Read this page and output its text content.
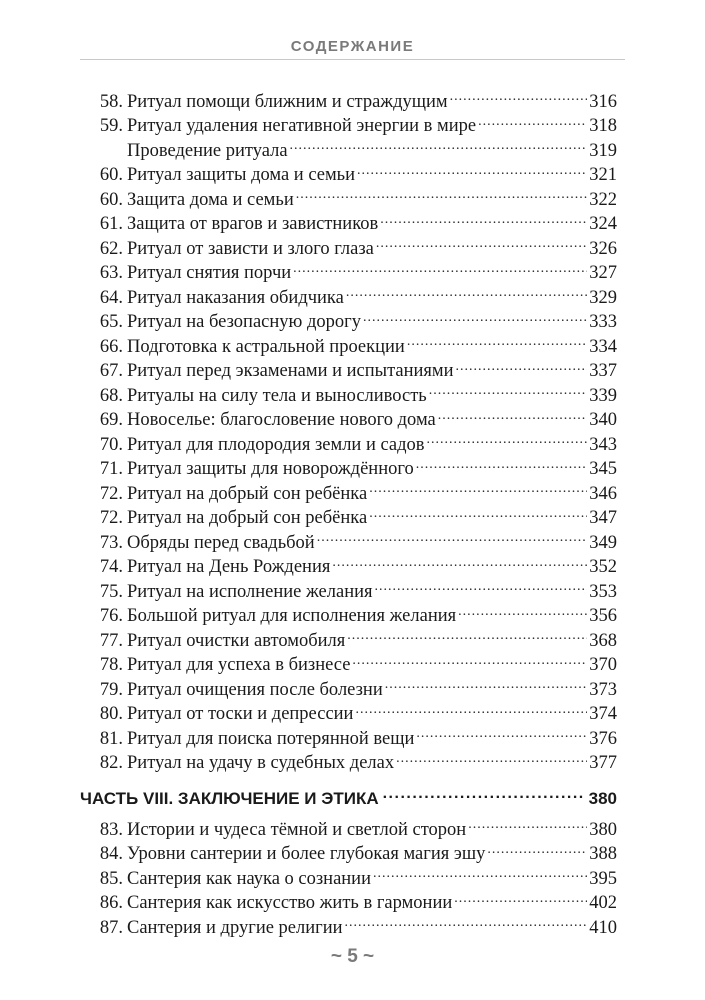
СОДЕРЖАНИЕ
58. Ритуал помощи ближним и страждущим .....	316
59. Ритуал удаления негативной энергии в мире .....	318
Проведение ритуала .....	319
60. Ритуал защиты дома и семьи .....	321
60. Защита дома и семьи .....	322
61. Защита от врагов и завистников .....	324
62. Ритуал от зависти и злого глаза .....	326
63. Ритуал снятия порчи .....	327
64. Ритуал наказания обидчика .....	329
65. Ритуал на безопасную дорогу .....	333
66. Подготовка к астральной проекции .....	334
67. Ритуал перед экзаменами и испытаниями .....	337
68. Ритуалы на силу тела и выносливость .....	339
69. Новоселье: благословение нового дома .....	340
70. Ритуал для плодородия земли и садов .....	343
71. Ритуал защиты для новорождённого .....	345
72. Ритуал на добрый сон ребёнка .....	346
72. Ритуал на добрый сон ребёнка .....	347
73. Обряды перед свадьбой .....	349
74. Ритуал на День Рождения .....	352
75. Ритуал на исполнение желания .....	353
76. Большой ритуал для исполнения желания .....	356
77. Ритуал очистки автомобиля .....	368
78. Ритуал для успеха в бизнесе .....	370
79. Ритуал очищения после болезни .....	373
80. Ритуал от тоски и депрессии .....	374
81. Ритуал для поиска потерянной вещи .....	376
82. Ритуал на удачу в судебных делах .....	377
ЧАСТЬ VIII. ЗАКЛЮЧЕНИЕ И ЭТИКА .....	380
83. Истории и чудеса тёмной и светлой сторон .....	380
84. Уровни сантерии и более глубокая магия эшу .....	388
85. Сантерия как наука о сознании .....	395
86. Сантерия как искусство жить в гармонии .....	402
87. Сантерия и другие религии .....	410
~ 5 ~
